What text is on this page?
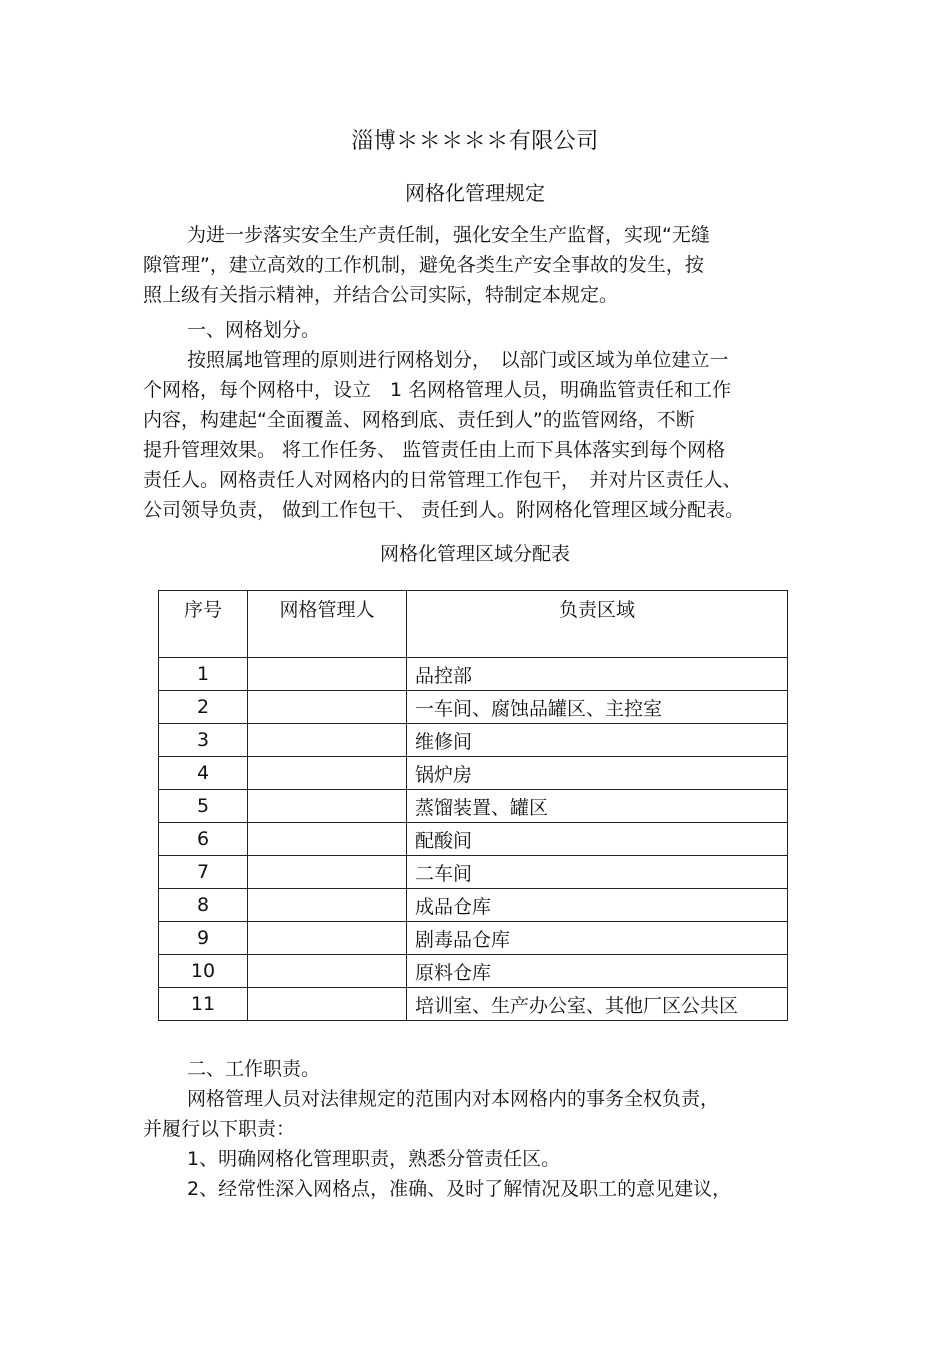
淄博＊＊＊＊＊有限公司
网格化管理规定
为进一步落实安全生产责任制，强化安全生产监督，实现“无缝
隙管理”，建立高效的工作机制，避免各类生产安全事故的发生，按
照上级有关指示精神，并结合公司实际，特制定本规定。
一、网格划分。
按照属地管理的原则进行网格划分，　以部门或区域为单位建立一
个网格，每个网格中，设立　1 名网格管理人员，明确监管责任和工作
内容，构建起“全面覆盖、网格到底、责任到人”的监管网络，不断
提升管理效果。 将工作任务、 监管责任由上而下具体落实到每个网格
责任人。网格责任人对网格内的日常管理工作包干，　并对片区责任人、
公司领导负责， 做到工作包干、 责任到人。附网格化管理区域分配表。
网格化管理区域分配表
序号	网格管理人	负责区域
1		品控部
2		一车间、腐蚀品罐区、主控室
3		维修间
4		锅炉房
5		蒸馏装置、罐区
6		配酸间
7		二车间
8		成品仓库
9		剧毒品仓库
10		原料仓库
11		培训室、生产办公室、其他厂区公共区
二、工作职责。
网格管理人员对法律规定的范围内对本网格内的事务全权负责，
并履行以下职责：
1、明确网格化管理职责，熟悉分管责任区。
2、经常性深入网格点，准确、及时了解情况及职工的意见建议，
